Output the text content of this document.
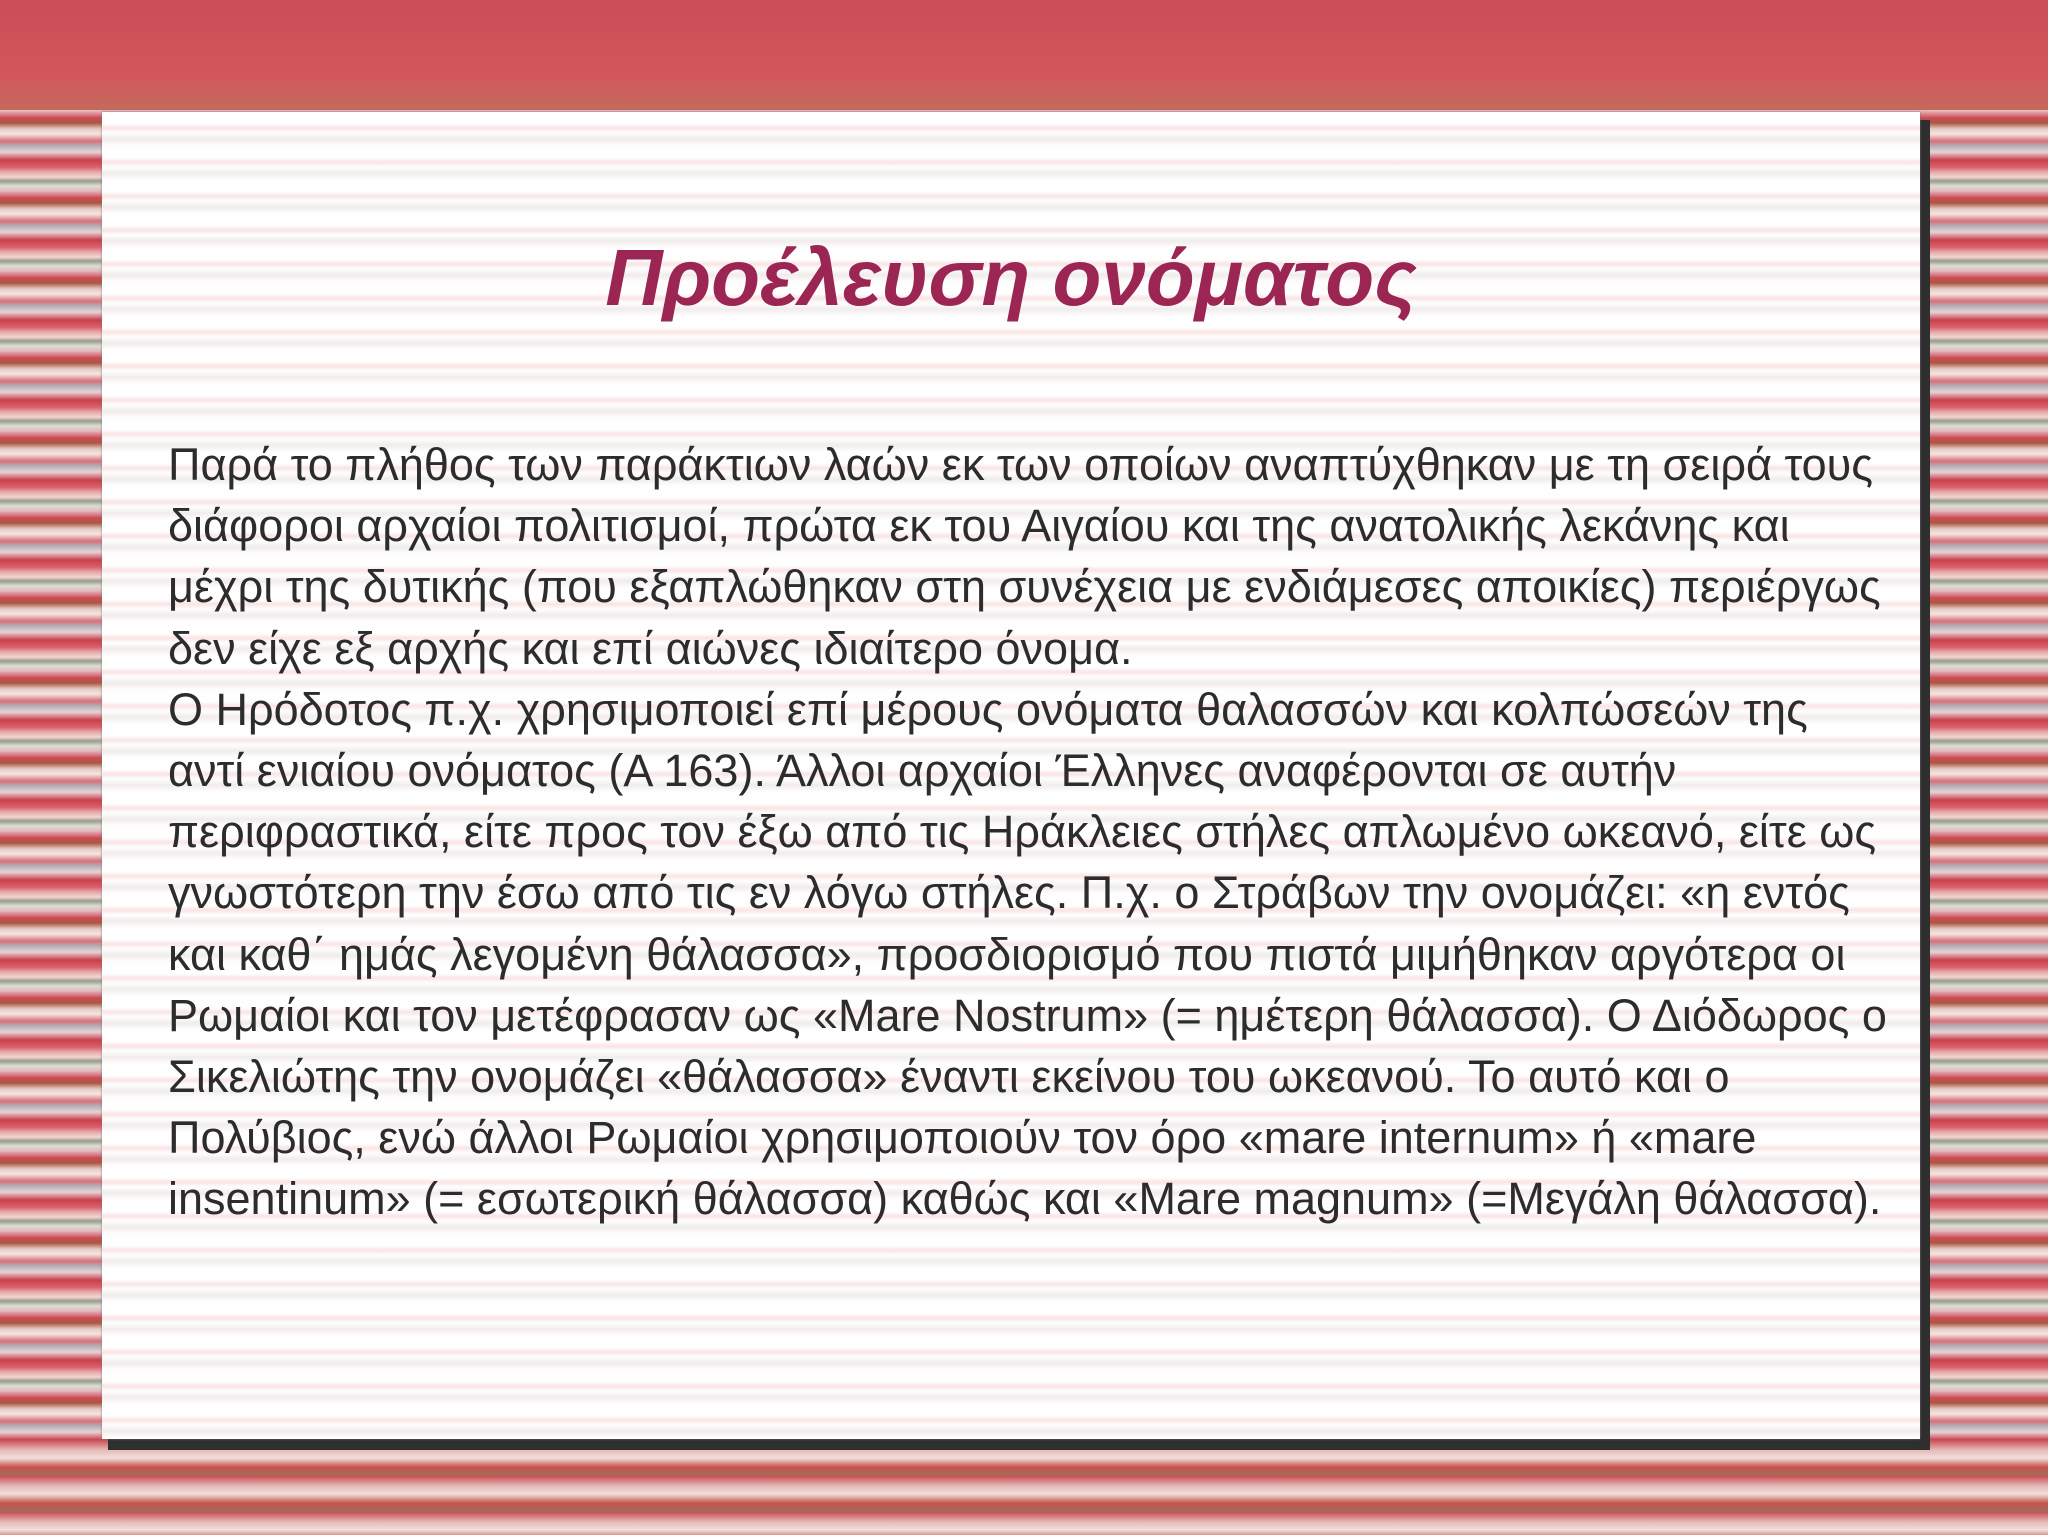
Προέλευση ονόματος

Παρά το πλήθος των παράκτιων λαών εκ των οποίων αναπτύχθηκαν με τη σειρά τους διάφοροι αρχαίοι πολιτισμοί, πρώτα εκ του Αιγαίου και της ανατολικής λεκάνης και μέχρι της δυτικής (που εξαπλώθηκαν στη συνέχεια με ενδιάμεσες αποικίες) περιέργως δεν είχε εξ αρχής και επί αιώνες ιδιαίτερο όνομα.

Ο Ηρόδοτος π.χ. χρησιμοποιεί επί μέρους ονόματα θαλασσών και κολπώσεών της αντί ενιαίου ονόματος (Α 163). Άλλοι αρχαίοι Έλληνες αναφέρονται σε αυτήν περιφραστικά, είτε προς τον έξω από τις Ηράκλειες στήλες απλωμένο ωκεανό, είτε ως γνωστότερη την έσω από τις εν λόγω στήλες. Π.χ. ο Στράβων την ονομάζει: «η εντός και καθ΄ ημάς λεγομένη θάλασσα», προσδιορισμό που πιστά μιμήθηκαν αργότερα οι Ρωμαίοι και τον μετέφρασαν ως «Mare Nostrum» (= ημέτερη θάλασσα). Ο Διόδωρος ο Σικελιώτης την ονομάζει «θάλασσα» έναντι εκείνου του ωκεανού. Το αυτό και ο Πολύβιος, ενώ άλλοι Ρωμαίοι χρησιμοποιούν τον όρο «mare internum» ή «mare insentinum» (= εσωτερική θάλασσα) καθώς και «Mare magnum» (=Μεγάλη θάλασσα).
